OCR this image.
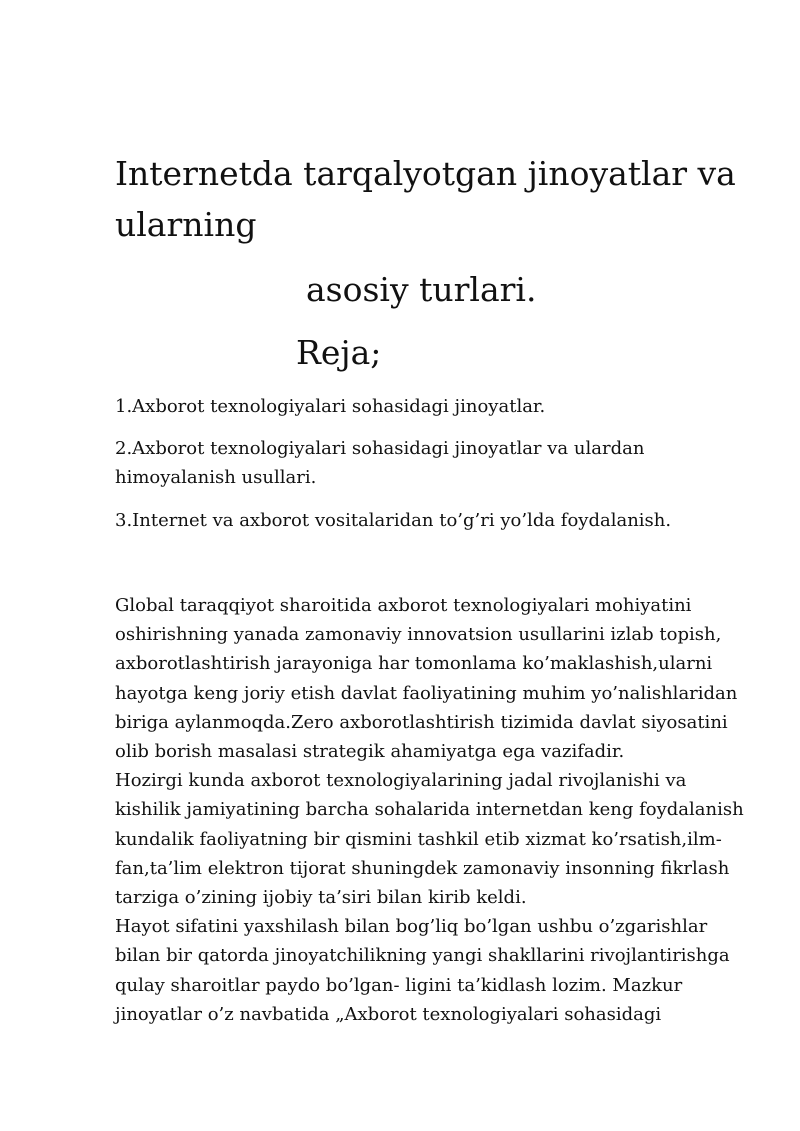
Internetda tarqalyotgan jinoyatlar va
ularning
asosiy turlari.
Reja;
1.Axborot texnologiyalari sohasidagi jinoyatlar.
2.Axborot texnologiyalari sohasidagi jinoyatlar va ulardan himoyalanish usullari.
3.Internet va axborot vositalaridan to’g’ri yo’lda foydalanish.
Global taraqqiyot sharoitida axborot texnologiyalari mohiyatini
oshirishning yanada zamonaviy innovatsion usullarini izlab topish,
axborotlashtirish jarayoniga har tomonlama ko’maklashish,ularni
hayotga keng joriy etish davlat faoliyatining muhim yo’nalishlaridan
biriga aylanmoqda.Zero axborotlashtirish tizimida davlat siyosatini
olib borish masalasi strategik ahamiyatga ega vazifadir.
Hozirgi kunda axborot texnologiyalarining jadal rivojlanishi va
kishilik jamiyatining barcha sohalarida internetdan keng foydalanish
kundalik faoliyatning bir qismini tashkil etib xizmat ko’rsatish,ilm-
fan,ta’lim elektron tijorat shuningdek zamonaviy insonning fikrlash
tarziga o’zining ijobiy ta’siri bilan kirib keldi.
Hayot sifatini yaxshilash bilan bog’liq bo’lgan ushbu o’zgarishlar
bilan bir qatorda jinoyatchilikning yangi shakllarini rivojlantirishga
qulay sharoitlar paydo bo’lgan- ligini ta’kidlash lozim. Mazkur
jinoyatlar o’z navbatida „Axborot texnologiyalari sohasidagi
